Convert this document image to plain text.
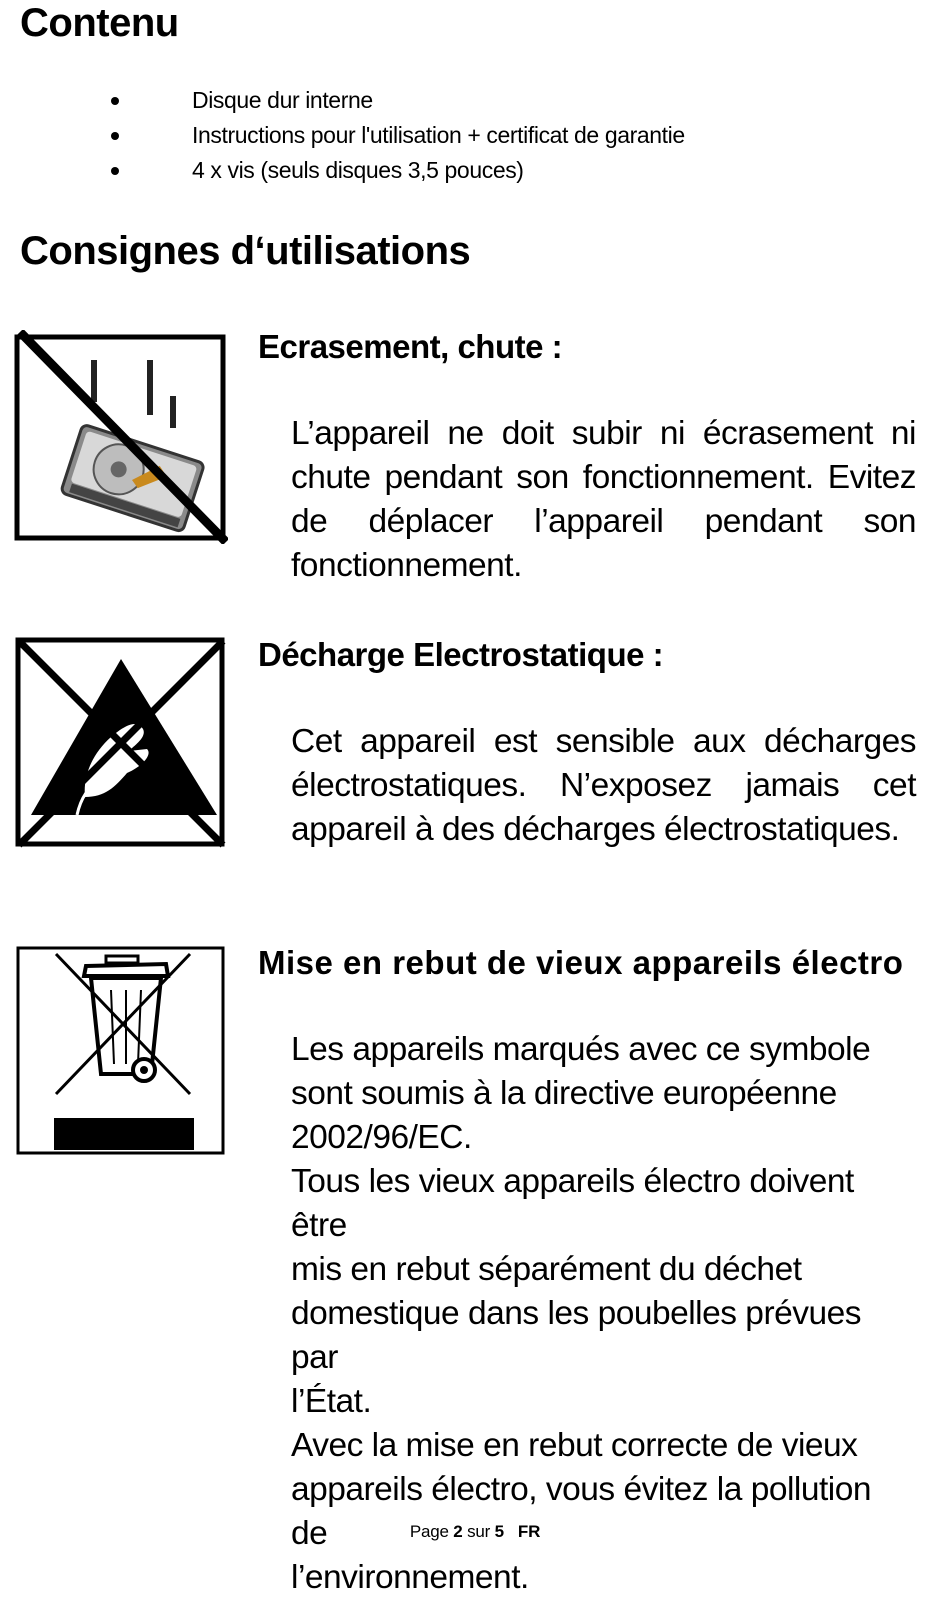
Contenu
Disque dur interne
Instructions pour l'utilisation + certificat de garantie
4 x vis (seuls disques 3,5 pouces)
Consignes d‘utilisations
Ecrasement, chute :

L’appareil ne doit subir ni écrasement ni chute pendant son fonctionnement. Evitez de déplacer l’appareil pendant son fonctionnement.

Décharge Electrostatique :

Cet appareil est sensible aux décharges électrostatiques. N’exposez jamais cet appareil à des décharges électrostatiques.

Mise en rebut de vieux appareils électro
Les appareils marqués avec ce symbole
sont soumis à la directive européenne
2002/96/EC.
Tous les vieux appareils électro doivent être
mis en rebut séparément du déchet
domestique dans les poubelles prévues par
l’État.
Avec la mise en rebut correcte de vieux
appareils électro, vous évitez la pollution de
l’environnement.
Page 2 sur 5 FR
